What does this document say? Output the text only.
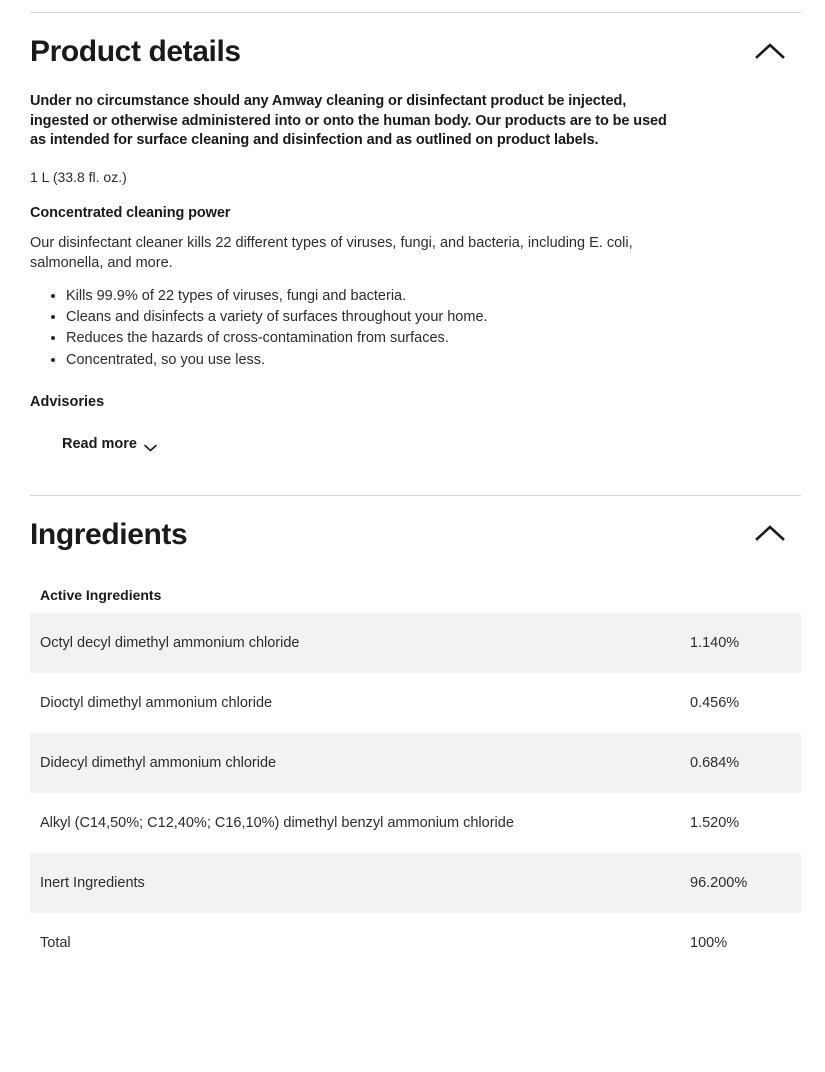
Product details

Under no circumstance should any Amway cleaning or disinfectant product be injected, ingested or otherwise administered into or onto the human body. Our products are to be used as intended for surface cleaning and disinfection and as outlined on product labels.

1 L (33.8 fl. oz.)

Concentrated cleaning power

Our disinfectant cleaner kills 22 different types of viruses, fungi, and bacteria, including E. coli, salmonella, and more.

• Kills 99.9% of 22 types of viruses, fungi and bacteria.
• Cleans and disinfects a variety of surfaces throughout your home.
• Reduces the hazards of cross-contamination from surfaces.
• Concentrated, so you use less.

Advisories

Read more
Ingredients
Active Ingredients
Octyl decyl dimethyl ammonium chloride	1.140%
Dioctyl dimethyl ammonium chloride	0.456%
Didecyl dimethyl ammonium chloride	0.684%
Alkyl (C14,50%; C12,40%; C16,10%) dimethyl benzyl ammonium chloride	1.520%
Inert Ingredients	96.200%
Total	100%
